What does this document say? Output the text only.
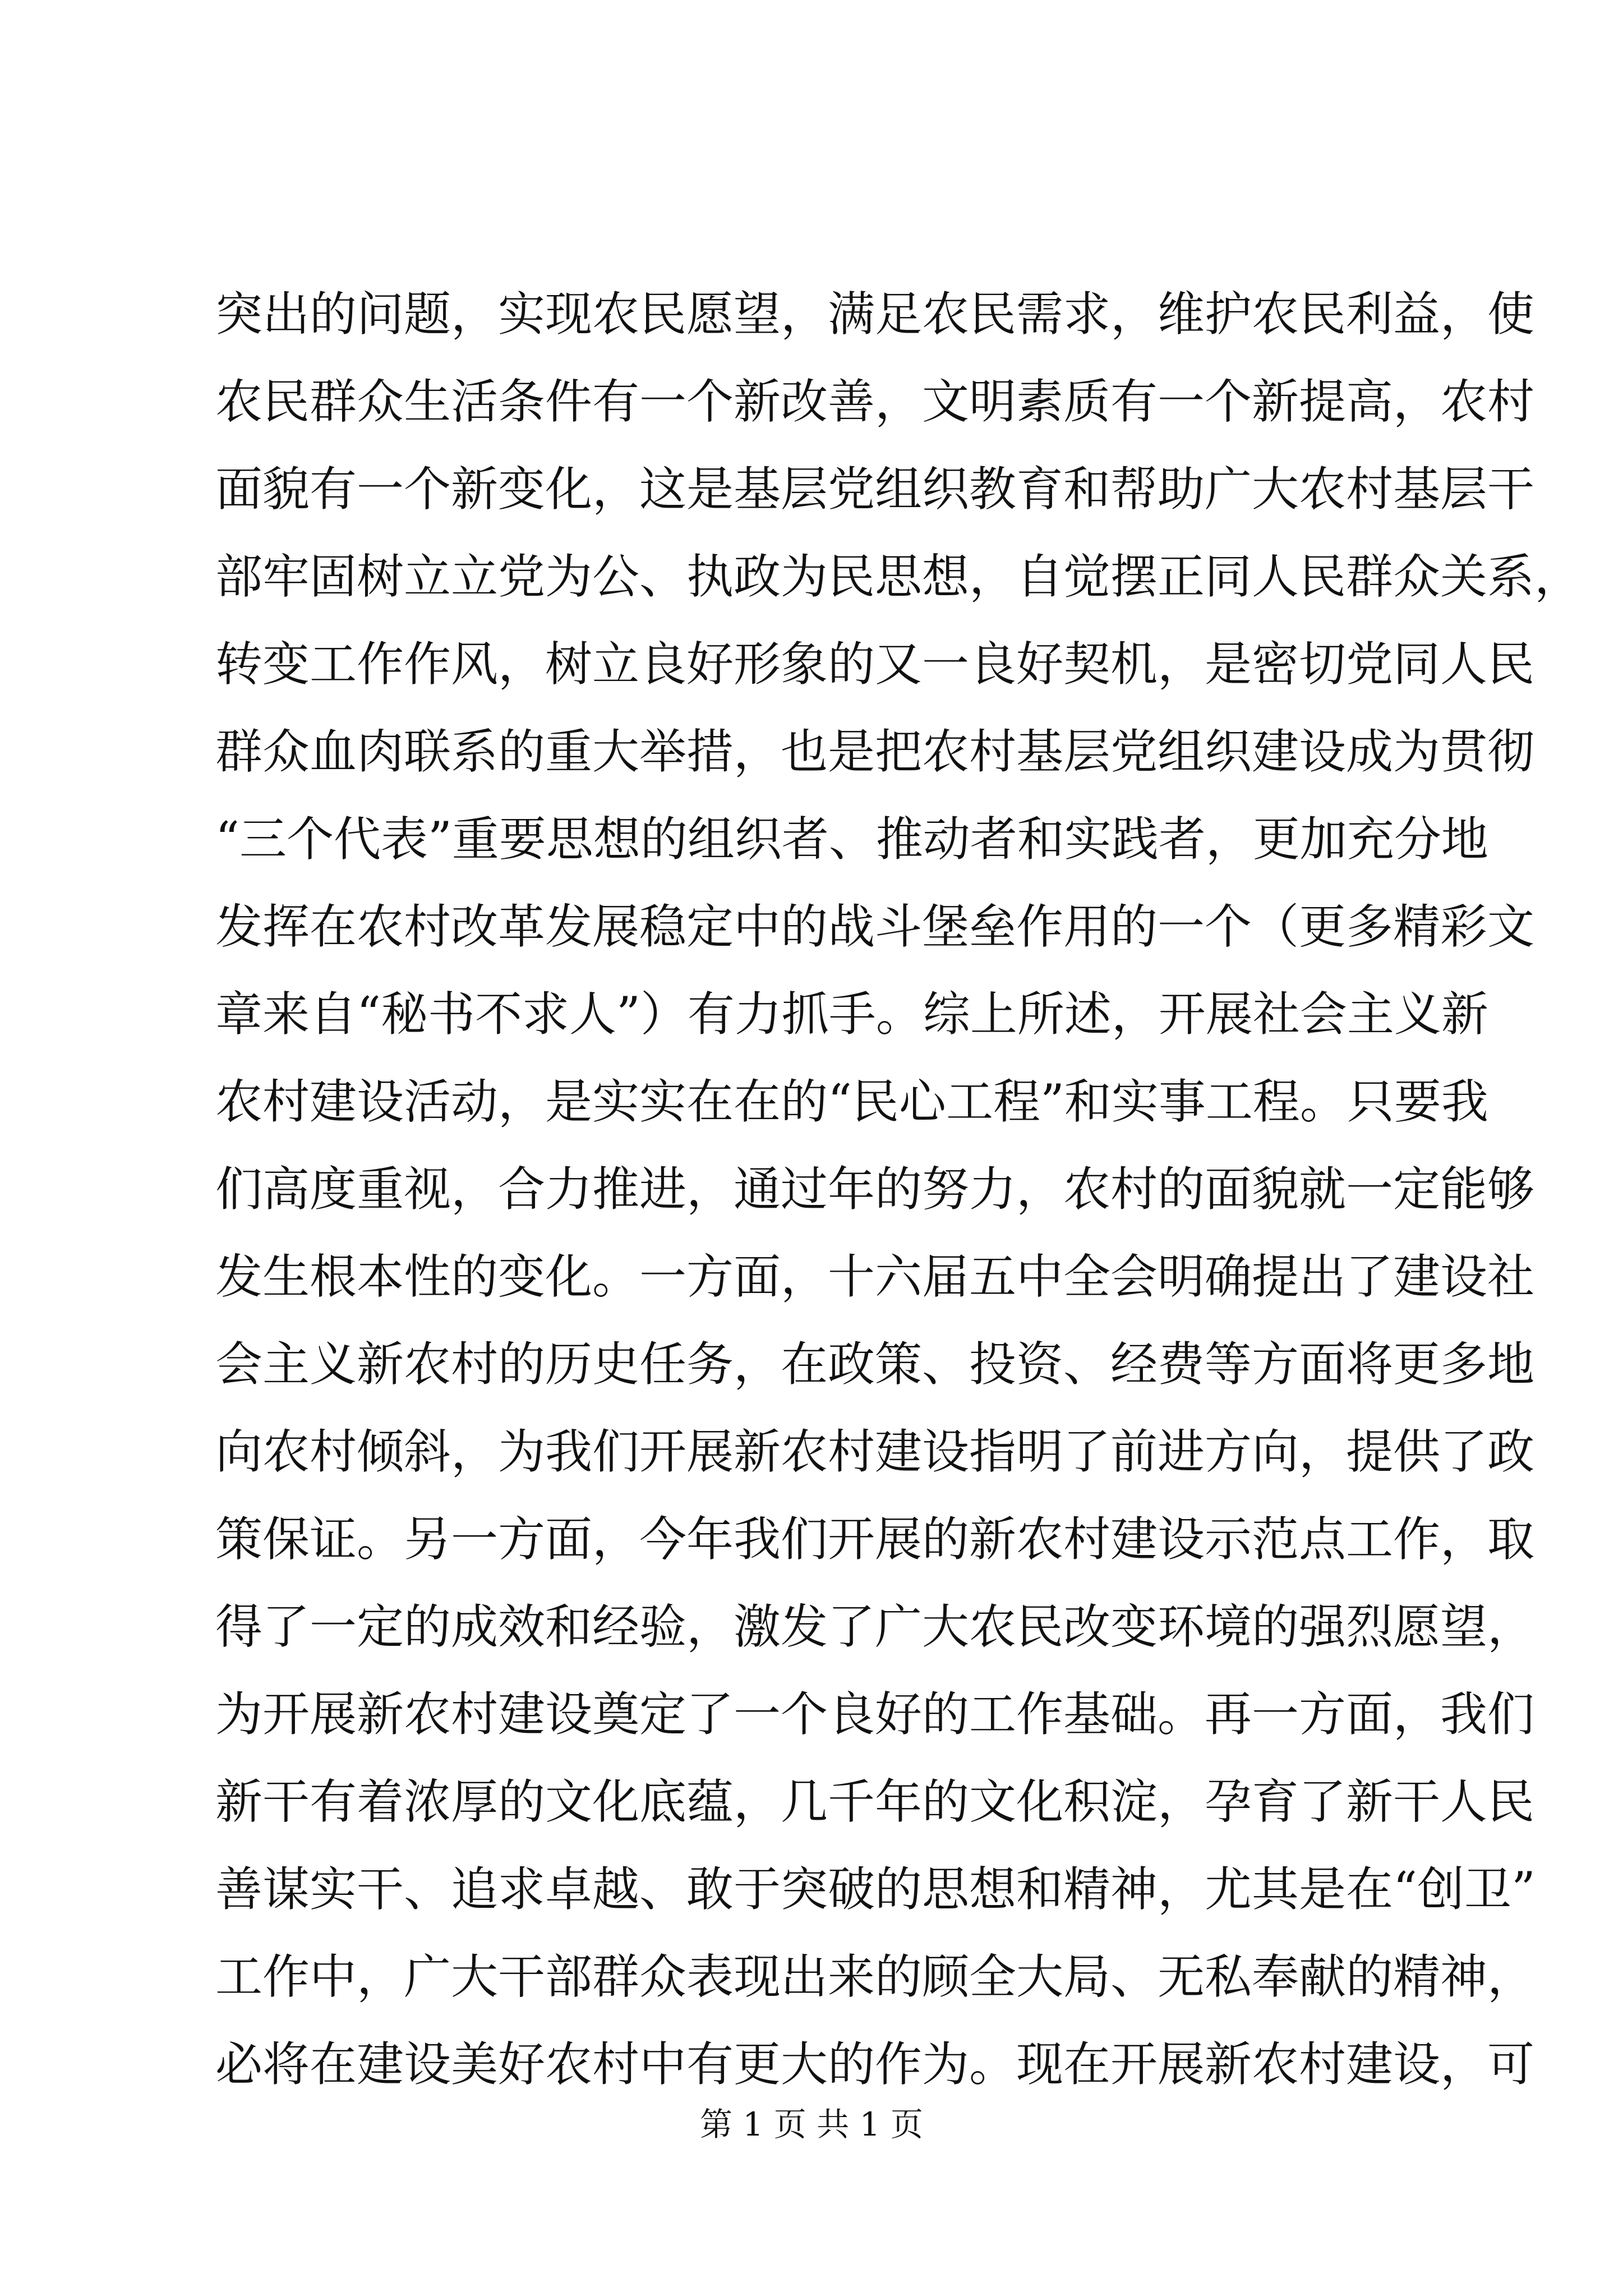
突出的问题，实现农民愿望，满足农民需求，维护农民利益，使
农民群众生活条件有一个新改善，文明素质有一个新提高，农村
面貌有一个新变化，这是基层党组织教育和帮助广大农村基层干
部牢固树立立党为公、执政为民思想，自觉摆正同人民群众关系，
转变工作作风，树立良好形象的又一良好契机，是密切党同人民
群众血肉联系的重大举措，也是把农村基层党组织建设成为贯彻
“三个代表”重要思想的组织者、推动者和实践者，更加充分地
发挥在农村改革发展稳定中的战斗堡垒作用的一个（更多精彩文
章来自“秘书不求人”）有力抓手。综上所述，开展社会主义新
农村建设活动，是实实在在的“民心工程”和实事工程。只要我
们高度重视，合力推进，通过年的努力，农村的面貌就一定能够
发生根本性的变化。一方面，十六届五中全会明确提出了建设社
会主义新农村的历史任务，在政策、投资、经费等方面将更多地
向农村倾斜，为我们开展新农村建设指明了前进方向，提供了政
策保证。另一方面，今年我们开展的新农村建设示范点工作，取
得了一定的成效和经验，激发了广大农民改变环境的强烈愿望，
为开展新农村建设奠定了一个良好的工作基础。再一方面，我们
新干有着浓厚的文化底蕴，几千年的文化积淀，孕育了新干人民
善谋实干、追求卓越、敢于突破的思想和精神，尤其是在“创卫”
工作中，广大干部群众表现出来的顾全大局、无私奉献的精神，
必将在建设美好农村中有更大的作为。现在开展新农村建设，可
第 1 页 共 1 页
